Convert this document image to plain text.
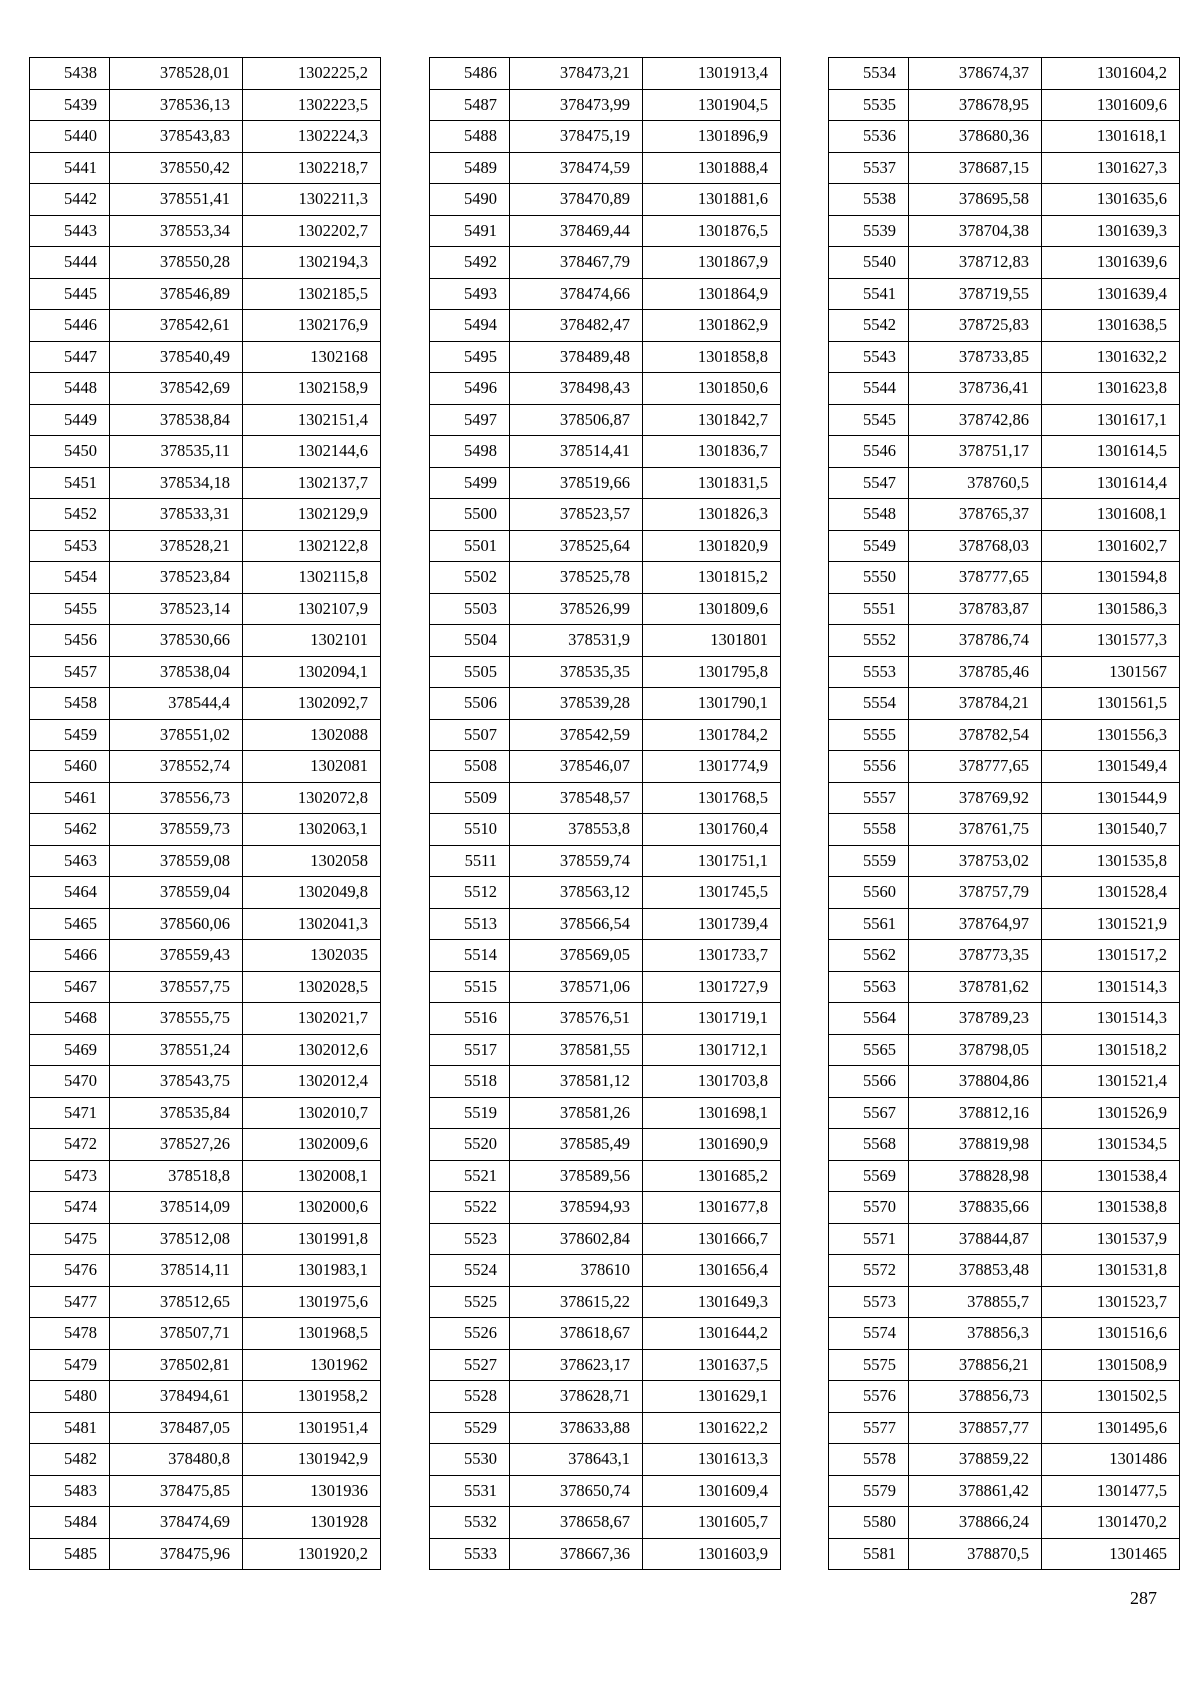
5438	378528,01	1302225,2
5439	378536,13	1302223,5
5440	378543,83	1302224,3
5441	378550,42	1302218,7
5442	378551,41	1302211,3
5443	378553,34	1302202,7
5444	378550,28	1302194,3
5445	378546,89	1302185,5
5446	378542,61	1302176,9
5447	378540,49	1302168
5448	378542,69	1302158,9
5449	378538,84	1302151,4
5450	378535,11	1302144,6
5451	378534,18	1302137,7
5452	378533,31	1302129,9
5453	378528,21	1302122,8
5454	378523,84	1302115,8
5455	378523,14	1302107,9
5456	378530,66	1302101
5457	378538,04	1302094,1
5458	378544,4	1302092,7
5459	378551,02	1302088
5460	378552,74	1302081
5461	378556,73	1302072,8
5462	378559,73	1302063,1
5463	378559,08	1302058
5464	378559,04	1302049,8
5465	378560,06	1302041,3
5466	378559,43	1302035
5467	378557,75	1302028,5
5468	378555,75	1302021,7
5469	378551,24	1302012,6
5470	378543,75	1302012,4
5471	378535,84	1302010,7
5472	378527,26	1302009,6
5473	378518,8	1302008,1
5474	378514,09	1302000,6
5475	378512,08	1301991,8
5476	378514,11	1301983,1
5477	378512,65	1301975,6
5478	378507,71	1301968,5
5479	378502,81	1301962
5480	378494,61	1301958,2
5481	378487,05	1301951,4
5482	378480,8	1301942,9
5483	378475,85	1301936
5484	378474,69	1301928
5485	378475,96	1301920,2
5486	378473,21	1301913,4
5487	378473,99	1301904,5
5488	378475,19	1301896,9
5489	378474,59	1301888,4
5490	378470,89	1301881,6
5491	378469,44	1301876,5
5492	378467,79	1301867,9
5493	378474,66	1301864,9
5494	378482,47	1301862,9
5495	378489,48	1301858,8
5496	378498,43	1301850,6
5497	378506,87	1301842,7
5498	378514,41	1301836,7
5499	378519,66	1301831,5
5500	378523,57	1301826,3
5501	378525,64	1301820,9
5502	378525,78	1301815,2
5503	378526,99	1301809,6
5504	378531,9	1301801
5505	378535,35	1301795,8
5506	378539,28	1301790,1
5507	378542,59	1301784,2
5508	378546,07	1301774,9
5509	378548,57	1301768,5
5510	378553,8	1301760,4
5511	378559,74	1301751,1
5512	378563,12	1301745,5
5513	378566,54	1301739,4
5514	378569,05	1301733,7
5515	378571,06	1301727,9
5516	378576,51	1301719,1
5517	378581,55	1301712,1
5518	378581,12	1301703,8
5519	378581,26	1301698,1
5520	378585,49	1301690,9
5521	378589,56	1301685,2
5522	378594,93	1301677,8
5523	378602,84	1301666,7
5524	378610	1301656,4
5525	378615,22	1301649,3
5526	378618,67	1301644,2
5527	378623,17	1301637,5
5528	378628,71	1301629,1
5529	378633,88	1301622,2
5530	378643,1	1301613,3
5531	378650,74	1301609,4
5532	378658,67	1301605,7
5533	378667,36	1301603,9
5534	378674,37	1301604,2
5535	378678,95	1301609,6
5536	378680,36	1301618,1
5537	378687,15	1301627,3
5538	378695,58	1301635,6
5539	378704,38	1301639,3
5540	378712,83	1301639,6
5541	378719,55	1301639,4
5542	378725,83	1301638,5
5543	378733,85	1301632,2
5544	378736,41	1301623,8
5545	378742,86	1301617,1
5546	378751,17	1301614,5
5547	378760,5	1301614,4
5548	378765,37	1301608,1
5549	378768,03	1301602,7
5550	378777,65	1301594,8
5551	378783,87	1301586,3
5552	378786,74	1301577,3
5553	378785,46	1301567
5554	378784,21	1301561,5
5555	378782,54	1301556,3
5556	378777,65	1301549,4
5557	378769,92	1301544,9
5558	378761,75	1301540,7
5559	378753,02	1301535,8
5560	378757,79	1301528,4
5561	378764,97	1301521,9
5562	378773,35	1301517,2
5563	378781,62	1301514,3
5564	378789,23	1301514,3
5565	378798,05	1301518,2
5566	378804,86	1301521,4
5567	378812,16	1301526,9
5568	378819,98	1301534,5
5569	378828,98	1301538,4
5570	378835,66	1301538,8
5571	378844,87	1301537,9
5572	378853,48	1301531,8
5573	378855,7	1301523,7
5574	378856,3	1301516,6
5575	378856,21	1301508,9
5576	378856,73	1301502,5
5577	378857,77	1301495,6
5578	378859,22	1301486
5579	378861,42	1301477,5
5580	378866,24	1301470,2
5581	378870,5	1301465
287
